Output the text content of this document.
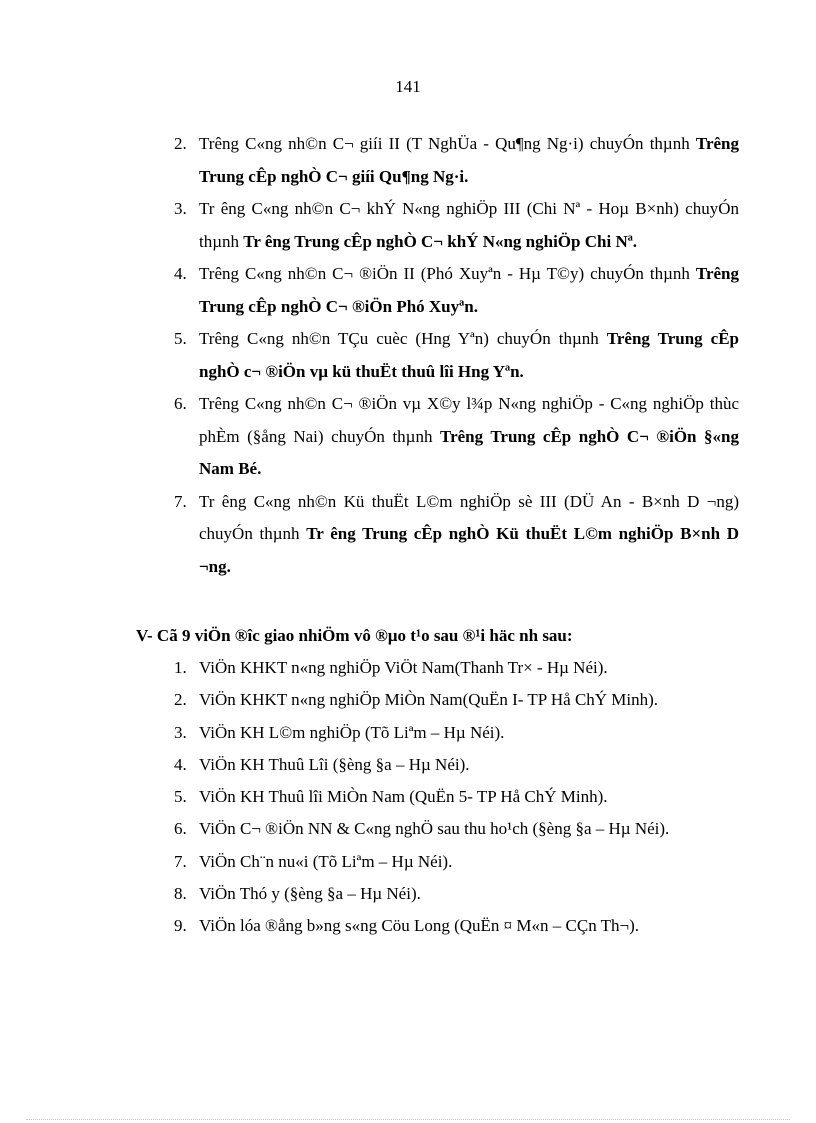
141
2. Trêng C«ng nh©n C¬ giíi II (T NghÜa - Qu¶ng Ng·i) chuyÓn thµnh Trêng Trung cÊp nghÒ C¬ giíi Qu¶ng Ng·i.
3. Tr êng C«ng nh©n C¬ khÝ N«ng nghiÖp III (Chi Nª - Hoµ B×nh) chuyÓn thµnh Tr êng Trung cÊp nghÒ C¬ khÝ N«ng nghiÖp Chi Nª.
4. Trêng C«ng nh©n C¬ ®iÖn II (Phó Xuyªn - Hµ T©y) chuyÓn thµnh Trêng Trung cÊp nghÒ C¬ ®iÖn Phó Xuyªn.
5. Trêng C«ng nh©n TÇu cuèc (Hng Yªn) chuyÓn thµnh Trêng Trung cÊp nghÒ c¬ ®iÖn vµ kü thuËt thuû lîi Hng Yªn.
6. Trêng C«ng nh©n C¬ ®iÖn vµ X©y l¾p N«ng nghiÖp - C«ng nghiÖp thùc phÈm (§ång Nai) chuyÓn thµnh Trêng Trung cÊp nghÒ C¬ ®iÖn §«ng Nam Bé.
7. Tr êng C«ng nh©n Kü thuËt L©m nghiÖp sè III (DÜ An - B×nh D ¬ng) chuyÓn thµnh Tr êng Trung cÊp nghÒ Kü thuËt L©m nghiÖp B×nh D ¬ng.
V- Cã 9 viÖn ®îc giao nhiÖm vô ®µo t¹o sau ®¹i häc nh sau:
1. ViÖn KHKT n«ng nghiÖp ViÖt Nam(Thanh Tr× - Hµ Néi).
2. ViÖn KHKT n«ng nghiÖp MiÒn Nam(QuËn I- TP Hå ChÝ Minh).
3. ViÖn KH L©m nghiÖp (Tõ Liªm – Hµ Néi).
4. ViÖn KH Thuû Lîi (§èng §a – Hµ Néi).
5. ViÖn KH Thuû lîi MiÒn Nam (QuËn 5- TP Hå ChÝ Minh).
6. ViÖn C¬ ®iÖn NN & C«ng nghÖ sau thu ho¹ch (§èng §a – Hµ Néi).
7. ViÖn Ch¨n nu«i (Tõ Liªm – Hµ Néi).
8. ViÖn Thó y (§èng §a – Hµ Néi).
9. ViÖn lóa ®ång b»ng s«ng Cöu Long (QuËn ¤ M«n – CÇn Th¬).
